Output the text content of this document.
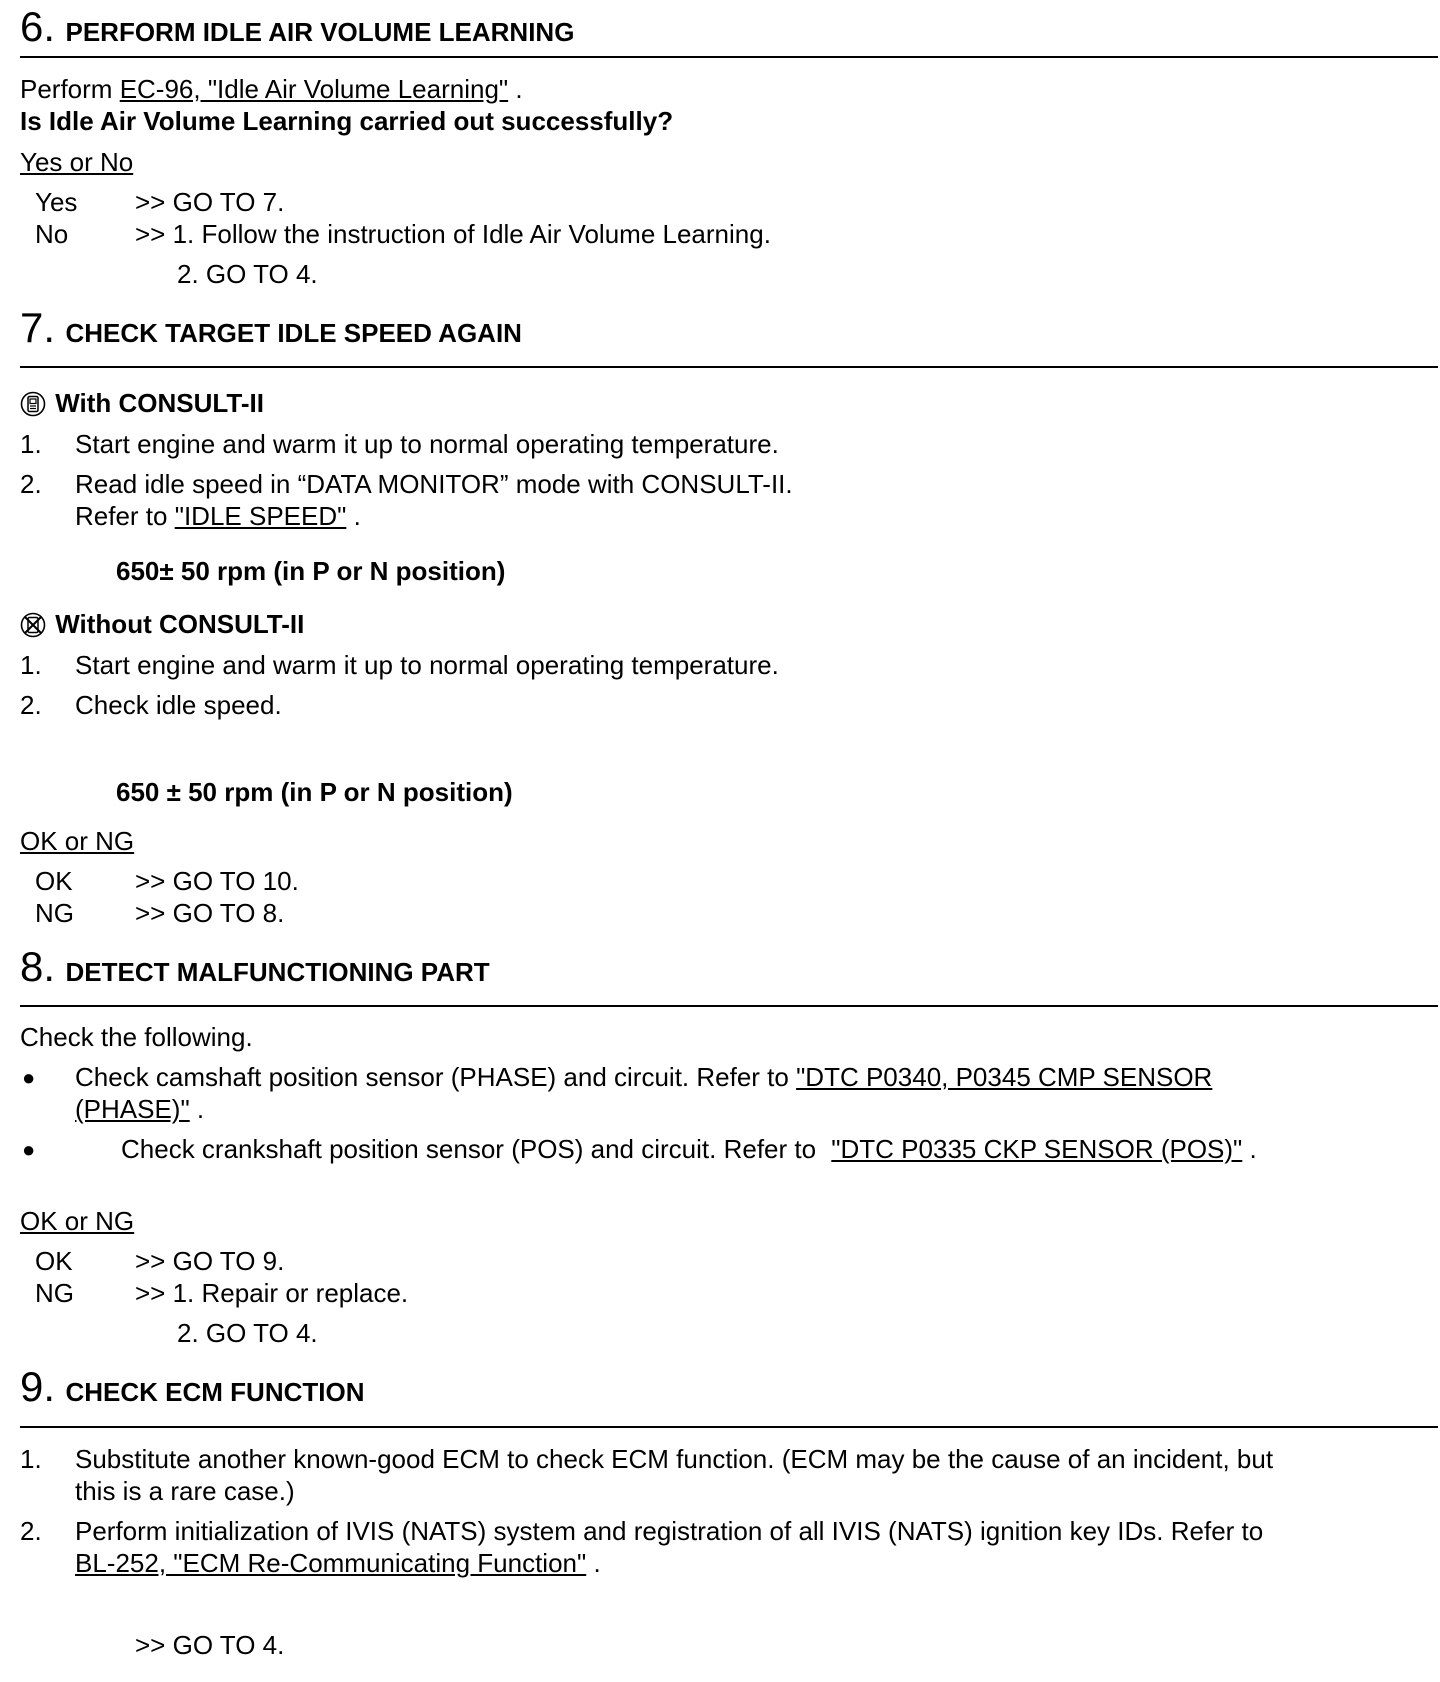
6. PERFORM IDLE AIR VOLUME LEARNING
Perform EC-96, "Idle Air Volume Learning" .
Is Idle Air Volume Learning carried out successfully?
Yes or No
Yes >> GO TO 7.
No	>> 1. Follow the instruction of Idle Air Volume Learning.
2. GO TO 4.
7. CHECK TARGET IDLE SPEED AGAIN
With CONSULT-II
1. Start engine and warm it up to normal operating temperature.
2. Read idle speed in “DATA MONITOR” mode with CONSULT-II.
Refer to "IDLE SPEED" .
650± 50 rpm (in P or N position)
Without CONSULT-II
1. Start engine and warm it up to normal operating temperature.
2. Check idle speed.
650 ± 50 rpm (in P or N position)
OK or NG
OK >> GO TO 10.
NG >> GO TO 8.
8. DETECT MALFUNCTIONING PART
Check the following.
● Check camshaft position sensor (PHASE) and circuit. Refer to "DTC P0340, P0345 CMP SENSOR
(PHASE)" .
●	Check crankshaft position sensor (POS) and circuit. Refer to "DTC P0335 CKP SENSOR (POS)" .
OK or NG
OK >> GO TO 9.
NG >> 1. Repair or replace.
2. GO TO 4.
9. CHECK ECM FUNCTION
1. Substitute another known-good ECM to check ECM function. (ECM may be the cause of an incident, but
this is a rare case.)
2. Perform initialization of IVIS (NATS) system and registration of all IVIS (NATS) ignition key IDs. Refer to
BL-252, "ECM Re-Communicating Function" .
>> GO TO 4.
